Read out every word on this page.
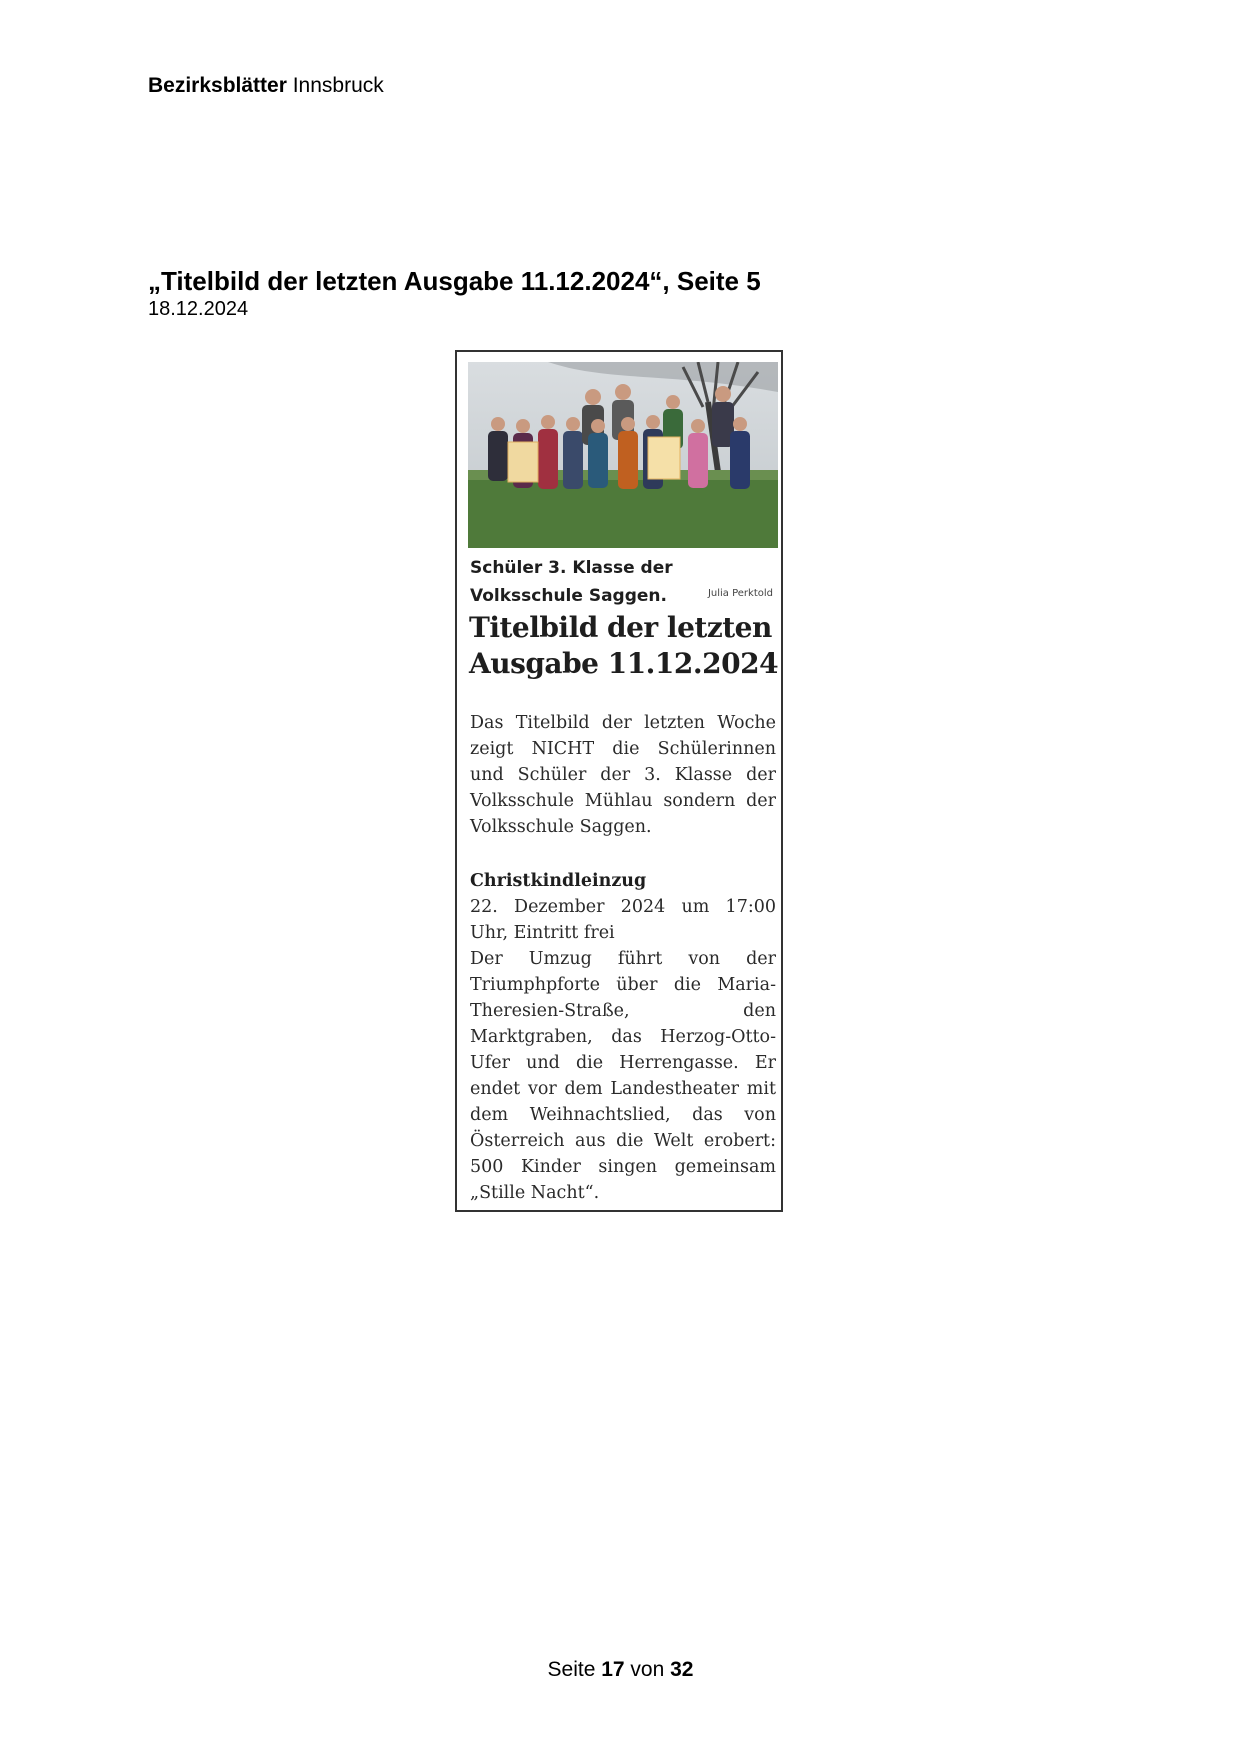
Bezirksblätter Innsbruck
„Titelbild der letzten Ausgabe 11.12.2024“, Seite 5
18.12.2024
Schüler 3. Klasse der Volksschule Saggen.	Julia Perktold
Titelbild der letzten Ausgabe 11.12.2024
Das Titelbild der letzten Woche zeigt NICHT die Schülerinnen und Schüler der 3. Klasse der Volksschule Mühlau sondern der Volksschule Saggen.
Christkindleinzug
22. Dezember 2024 um 17:00 Uhr, Eintritt frei
Der Umzug führt von der Triumphpforte über die Maria-Theresien-Straße, den Marktgraben, das Herzog-Otto-Ufer und die Herrengasse. Er endet vor dem Landestheater mit dem Weihnachtslied, das von Österreich aus die Welt erobert: 500 Kinder singen gemeinsam „Stille Nacht“.
Seite 17 von 32
